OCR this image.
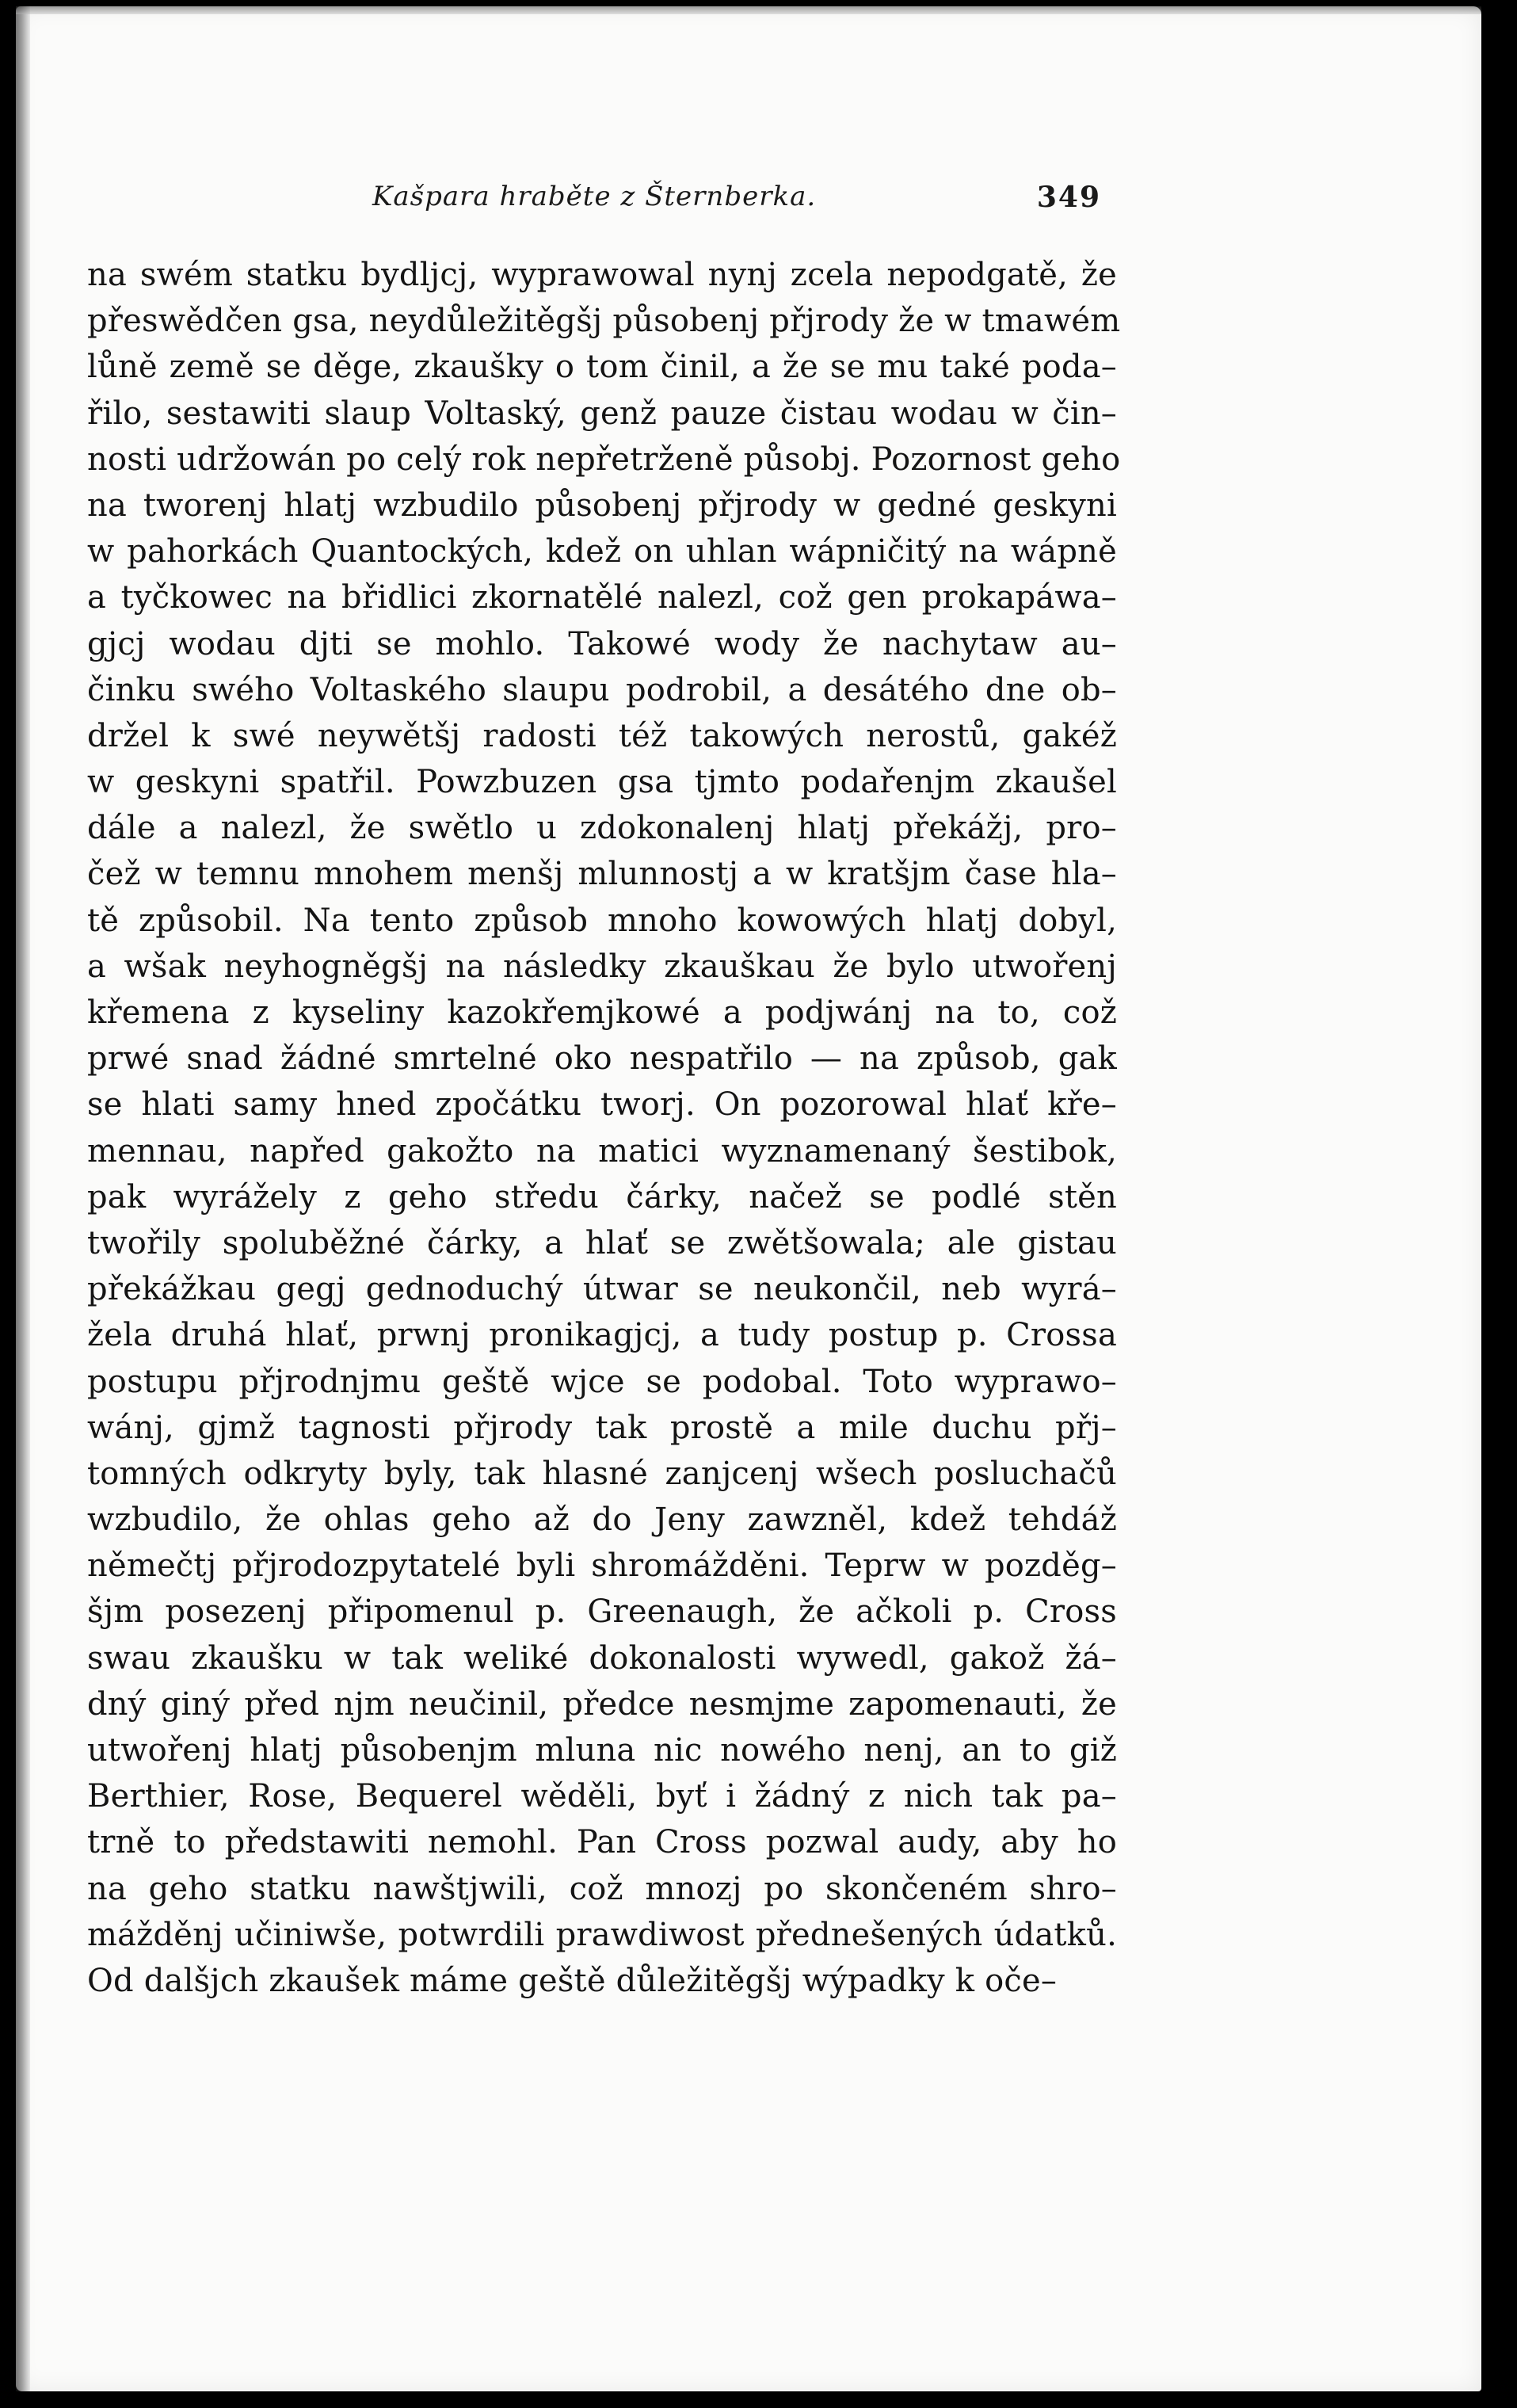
Kašpara hraběte z Šternberka.	349
na swém statku bydljcj, wyprawowal nynj zcela nepodgatě, že
přeswědčen gsa, neydůležitěgšj působenj přjrody že w tmawém
lůně země se děge, zkaušky o tom činil, a že se mu také poda–
řilo, sestawiti slaup Voltaský, genž pauze čistau wodau w čin–
nosti udržowán po celý rok nepřetrženě působj. Pozornost geho
na tworenj hlatj wzbudilo působenj přjrody w gedné geskyni
w pahorkách Quantockých, kdež on uhlan wápničitý na wápně
a tyčkowec na břidlici zkornatělé nalezl, což gen prokapáwa–
gjcj wodau djti se mohlo. Takowé wody že nachytaw au–
činku swého Voltaského slaupu podrobil, a desátého dne ob–
držel k swé neywětšj radosti též takowých nerostů, gakéž
w geskyni spatřil. Powzbuzen gsa tjmto podařenjm zkaušel
dále a nalezl, že swětlo u zdokonalenj hlatj překážj, pro–
čež w temnu mnohem menšj mlunnostj a w kratšjm čase hla–
tě způsobil. Na tento způsob mnoho kowowých hlatj dobyl,
a wšak neyhogněgšj na následky zkauškau že bylo utwořenj
křemena z kyseliny kazokřemjkowé a podjwánj na to, což
prwé snad žádné smrtelné oko nespatřilo — na způsob, gak
se hlati samy hned zpočátku tworj. On pozorowal hlať kře–
mennau, napřed gakožto na matici wyznamenaný šestibok,
pak wyrážely z geho středu čárky, načež se podlé stěn
twořily spoluběžné čárky, a hlať se zwětšowala; ale gistau
překážkau gegj gednoduchý útwar se neukončil, neb wyrá–
žela druhá hlať, prwnj pronikagjcj, a tudy postup p. Crossa
postupu přjrodnjmu geště wjce se podobal. Toto wyprawo–
wánj, gjmž tagnosti přjrody tak prostě a mile duchu přj–
tomných odkryty byly, tak hlasné zanjcenj wšech posluchačů
wzbudilo, že ohlas geho až do Jeny zawzněl, kdež tehdáž
němečtj přjrodozpytatelé byli shromážděni. Teprw w pozděg–
šjm posezenj připomenul p. Greenaugh, že ačkoli p. Cross
swau zkaušku w tak weliké dokonalosti wywedl, gakož žá–
dný giný před njm neučinil, předce nesmjme zapomenauti, že
utwořenj hlatj působenjm mluna nic nowého nenj, an to giž
Berthier, Rose, Bequerel wěděli, byť i žádný z nich tak pa–
trně to předstawiti nemohl. Pan Cross pozwal audy, aby ho
na geho statku nawštjwili, což mnozj po skončeném shro–
mážděnj učiniwše, potwrdili prawdiwost přednešených údatků.
Od dalšjch zkaušek máme geště důležitěgšj wýpadky k oče–
